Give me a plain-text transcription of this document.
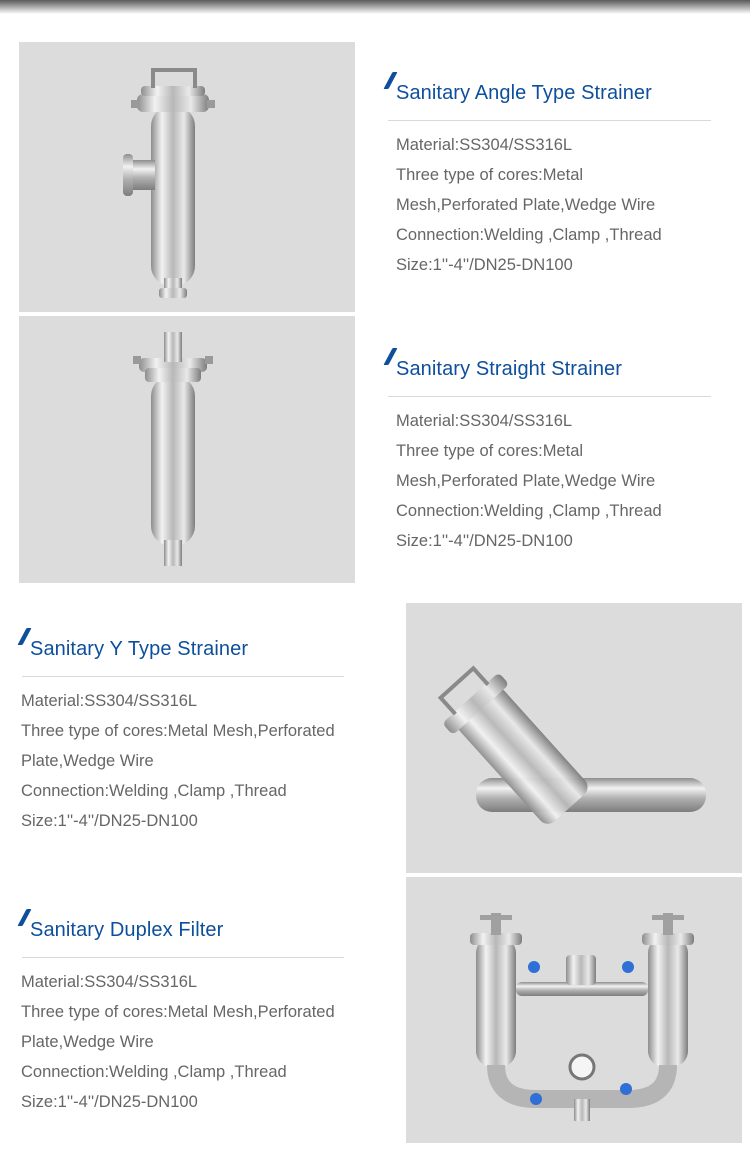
Sanitary Angle Type Strainer
Material:SS304/SS316L
Three type of cores:Metal
Mesh,Perforated Plate,Wedge Wire
Connection:Welding ,Clamp ,Thread
Size:1''-4''/DN25-DN100
Sanitary Straight Strainer
Material:SS304/SS316L
Three type of cores:Metal
Mesh,Perforated Plate,Wedge Wire
Connection:Welding ,Clamp ,Thread
Size:1''-4''/DN25-DN100
Sanitary Y Type Strainer
Material:SS304/SS316L
Three type of cores:Metal Mesh,Perforated
Plate,Wedge Wire
Connection:Welding ,Clamp ,Thread
Size:1''-4''/DN25-DN100
Sanitary Duplex Filter
Material:SS304/SS316L
Three type of cores:Metal Mesh,Perforated
Plate,Wedge Wire
Connection:Welding ,Clamp ,Thread
Size:1''-4''/DN25-DN100
